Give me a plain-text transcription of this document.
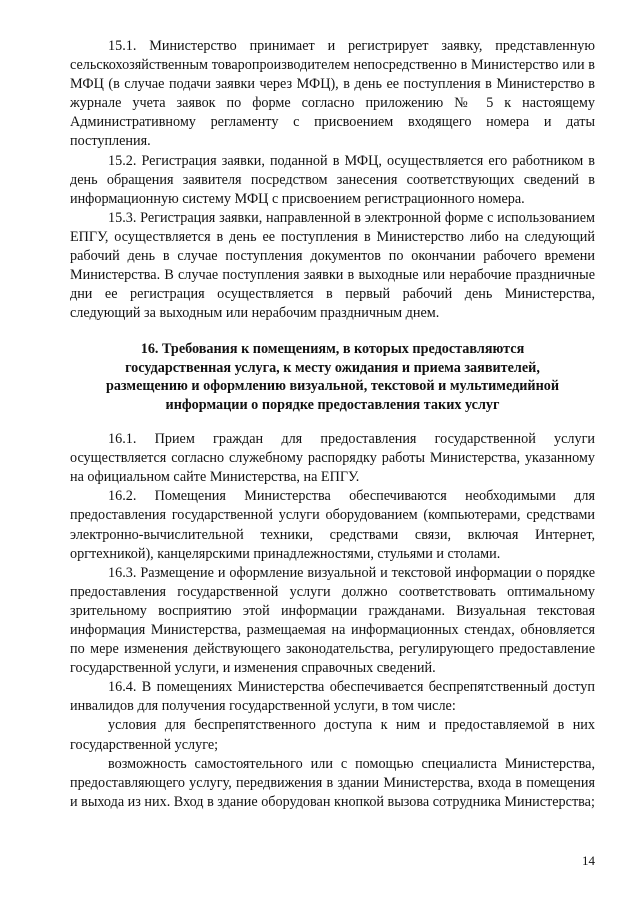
15.1. Министерство принимает и регистрирует заявку, представленную сельскохозяйственным товаропроизводителем непосредственно в Министерство или в МФЦ (в случае подачи заявки через МФЦ), в день ее поступления в Министерство в журнале учета заявок по форме согласно приложению № 5 к настоящему Административному регламенту с присвоением входящего номера и даты поступления.

15.2. Регистрация заявки, поданной в МФЦ, осуществляется его работником в день обращения заявителя посредством занесения соответствующих сведений в информационную систему МФЦ с присвоением регистрационного номера.

15.3. Регистрация заявки, направленной в электронной форме с использованием ЕПГУ, осуществляется в день ее поступления в Министерство либо на следующий рабочий день в случае поступления документов по окончании рабочего времени Министерства. В случае поступления заявки в выходные или нерабочие праздничные дни ее регистрация осуществляется в первый рабочий день Министерства, следующий за выходным или нерабочим праздничным днем.

16. Требования к помещениям, в которых предоставляются
государственная услуга, к месту ожидания и приема заявителей,
размещению и оформлению визуальной, текстовой и мультимедийной
информации о порядке предоставления таких услуг

16.1. Прием граждан для предоставления государственной услуги осуществляется согласно служебному распорядку работы Министерства, указанному на официальном сайте Министерства, на ЕПГУ.

16.2. Помещения Министерства обеспечиваются необходимыми для предоставления государственной услуги оборудованием (компьютерами, средствами электронно-вычислительной техники, средствами связи, включая Интернет, оргтехникой), канцелярскими принадлежностями, стульями и столами.

16.3. Размещение и оформление визуальной и текстовой информации о порядке предоставления государственной услуги должно соответствовать оптимальному зрительному восприятию этой информации гражданами. Визуальная текстовая информация Министерства, размещаемая на информационных стендах, обновляется по мере изменения действующего законодательства, регулирующего предоставление государственной услуги, и изменения справочных сведений.

16.4. В помещениях Министерства обеспечивается беспрепятственный доступ инвалидов для получения государственной услуги, в том числе:

условия для беспрепятственного доступа к ним и предоставляемой в них государственной услуге;

возможность самостоятельного или с помощью специалиста Министерства, предоставляющего услугу, передвижения в здании Министерства, входа в помещения и выхода из них. Вход в здание оборудован кнопкой вызова сотрудника Министерства;

14
